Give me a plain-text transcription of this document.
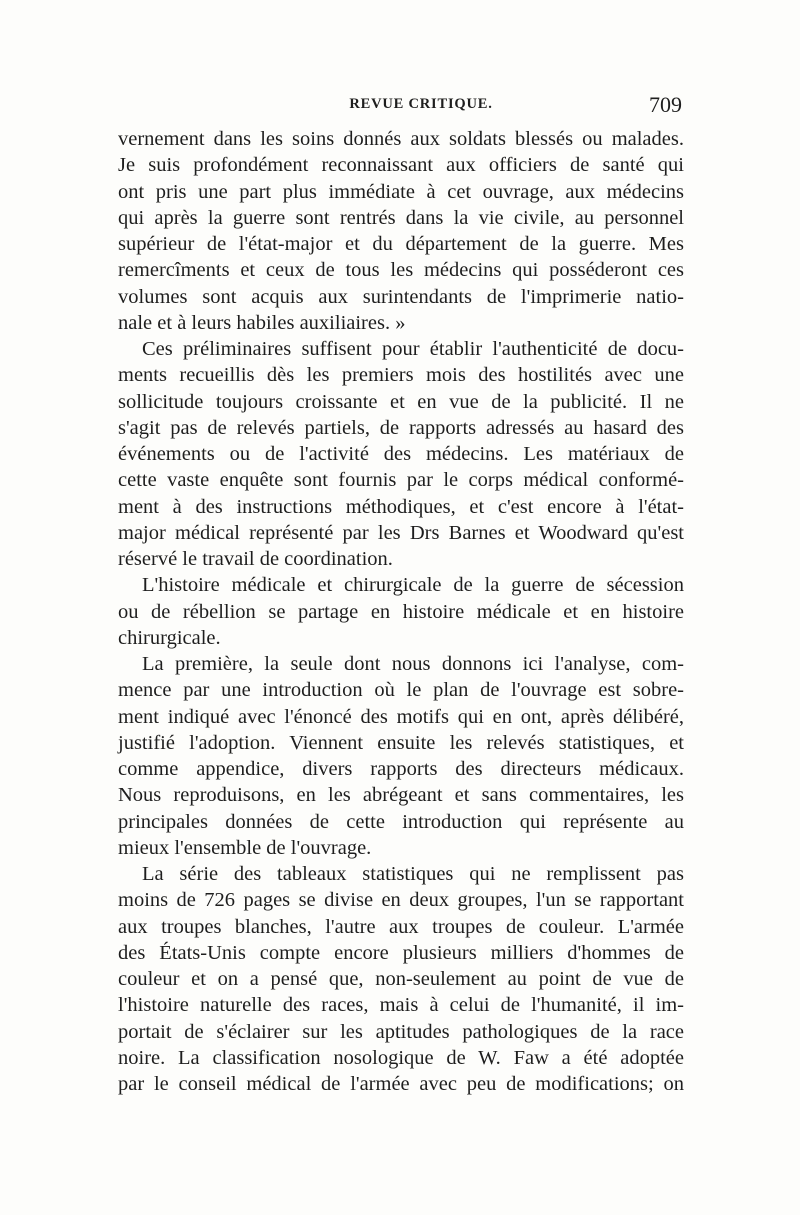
REVUE CRITIQUE.	709
vernement dans les soins donnés aux soldats blessés ou malades.
Je suis profondément reconnaissant aux officiers de santé qui
ont pris une part plus immédiate à cet ouvrage, aux médecins
qui après la guerre sont rentrés dans la vie civile, au personnel
supérieur de l'état-major et du département de la guerre. Mes
remercîments et ceux de tous les médecins qui posséderont ces
volumes sont acquis aux surintendants de l'imprimerie natio-
nale et à leurs habiles auxiliaires. »
Ces préliminaires suffisent pour établir l'authenticité de docu-
ments recueillis dès les premiers mois des hostilités avec une
sollicitude toujours croissante et en vue de la publicité. Il ne
s'agit pas de relevés partiels, de rapports adressés au hasard des
événements ou de l'activité des médecins. Les matériaux de
cette vaste enquête sont fournis par le corps médical conformé-
ment à des instructions méthodiques, et c'est encore à l'état-
major médical représenté par les Drs Barnes et Woodward qu'est
réservé le travail de coordination.
L'histoire médicale et chirurgicale de la guerre de sécession
ou de rébellion se partage en histoire médicale et en histoire
chirurgicale.
La première, la seule dont nous donnons ici l'analyse, com-
mence par une introduction où le plan de l'ouvrage est sobre-
ment indiqué avec l'énoncé des motifs qui en ont, après délibéré,
justifié l'adoption. Viennent ensuite les relevés statistiques, et
comme appendice, divers rapports des directeurs médicaux.
Nous reproduisons, en les abrégeant et sans commentaires, les
principales données de cette introduction qui représente au
mieux l'ensemble de l'ouvrage.
La série des tableaux statistiques qui ne remplissent pas
moins de 726 pages se divise en deux groupes, l'un se rapportant
aux troupes blanches, l'autre aux troupes de couleur. L'armée
des États-Unis compte encore plusieurs milliers d'hommes de
couleur et on a pensé que, non-seulement au point de vue de
l'histoire naturelle des races, mais à celui de l'humanité, il im-
portait de s'éclairer sur les aptitudes pathologiques de la race
noire. La classification nosologique de W. Faw a été adoptée
par le conseil médical de l'armée avec peu de modifications; on
